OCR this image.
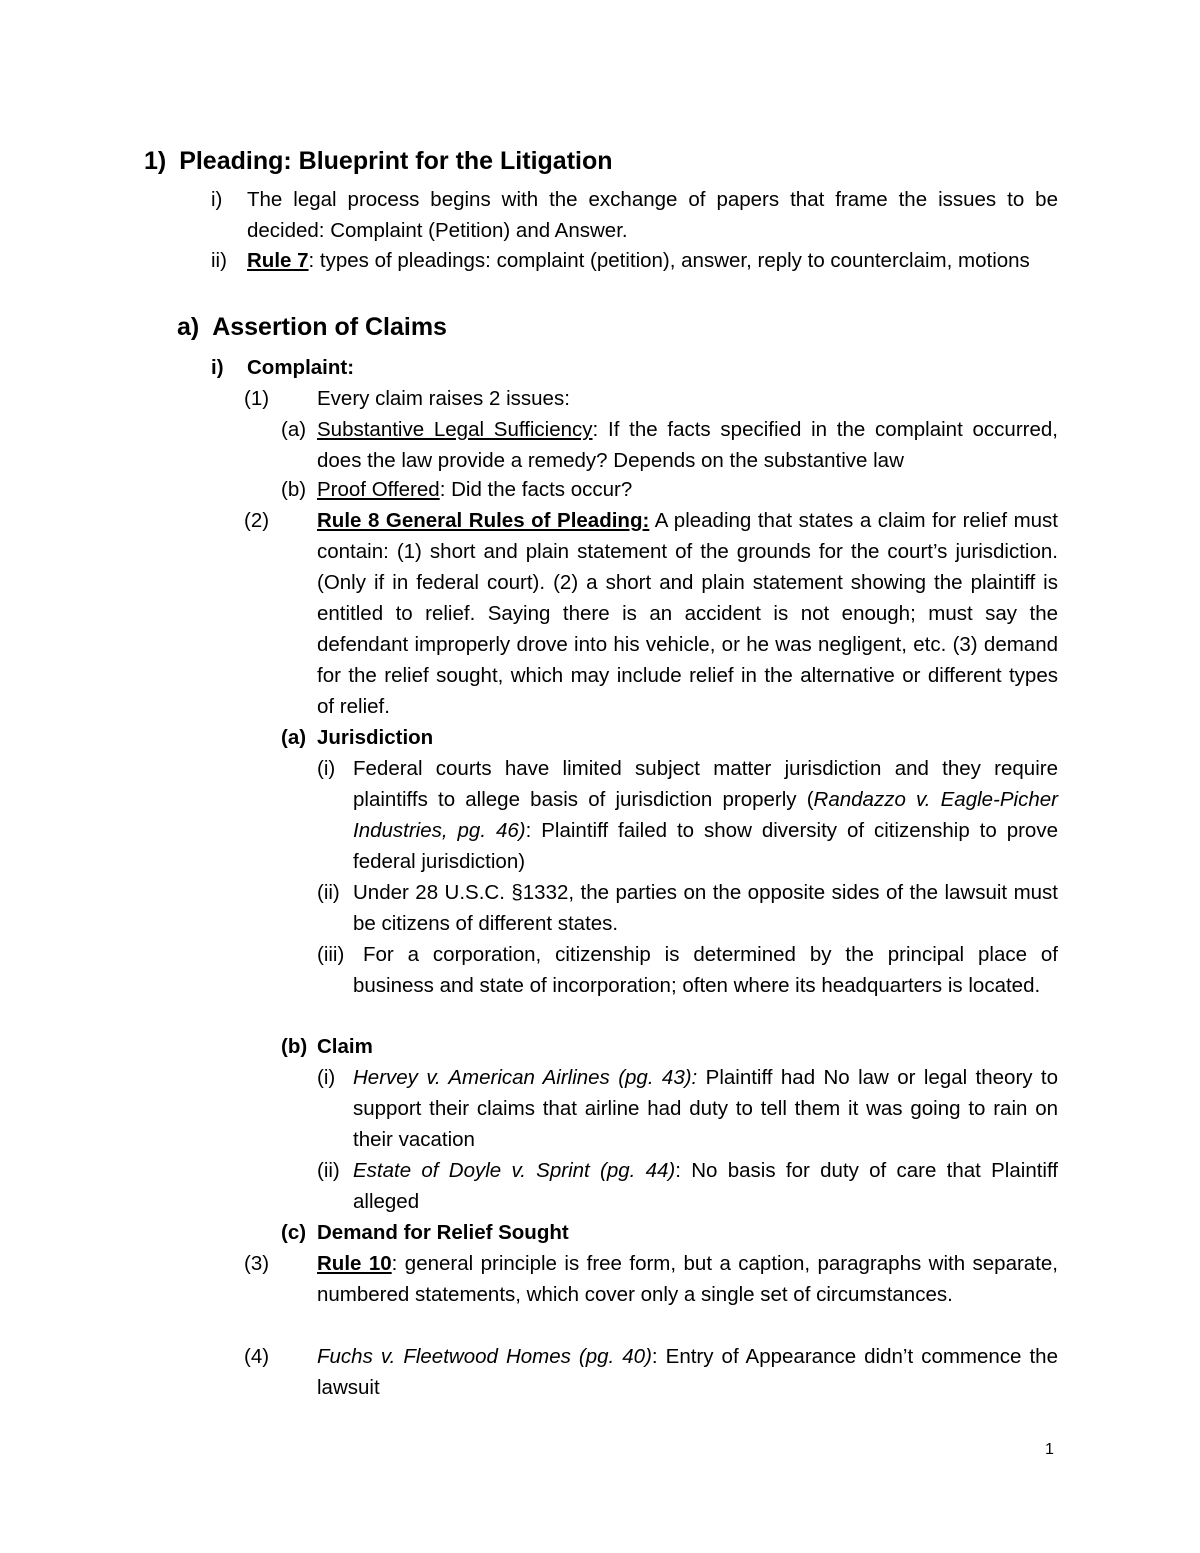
1) Pleading: Blueprint for the Litigation
i) The legal process begins with the exchange of papers that frame the issues to be decided: Complaint (Petition) and Answer.
ii) Rule 7: types of pleadings: complaint (petition), answer, reply to counterclaim, motions
a) Assertion of Claims
i) Complaint:
(1) Every claim raises 2 issues:
(a) Substantive Legal Sufficiency: If the facts specified in the complaint occurred, does the law provide a remedy? Depends on the substantive law
(b) Proof Offered: Did the facts occur?
(2) Rule 8 General Rules of Pleading: A pleading that states a claim for relief must contain: (1) short and plain statement of the grounds for the court’s jurisdiction. (Only if in federal court). (2) a short and plain statement showing the plaintiff is entitled to relief. Saying there is an accident is not enough; must say the defendant improperly drove into his vehicle, or he was negligent, etc. (3) demand for the relief sought, which may include relief in the alternative or different types of relief.
(a) Jurisdiction
(i) Federal courts have limited subject matter jurisdiction and they require plaintiffs to allege basis of jurisdiction properly (Randazzo v. Eagle-Picher Industries, pg. 46): Plaintiff failed to show diversity of citizenship to prove federal jurisdiction)
(ii) Under 28 U.S.C. §1332, the parties on the opposite sides of the lawsuit must be citizens of different states.
(iii) For a corporation, citizenship is determined by the principal place of business and state of incorporation; often where its headquarters is located.
(b) Claim
(i) Hervey v. American Airlines (pg. 43): Plaintiff had No law or legal theory to support their claims that airline had duty to tell them it was going to rain on their vacation
(ii) Estate of Doyle v. Sprint (pg. 44): No basis for duty of care that Plaintiff alleged
(c) Demand for Relief Sought
(3) Rule 10: general principle is free form, but a caption, paragraphs with separate, numbered statements, which cover only a single set of circumstances.
(4) Fuchs v. Fleetwood Homes (pg. 40): Entry of Appearance didn’t commence the lawsuit
1
